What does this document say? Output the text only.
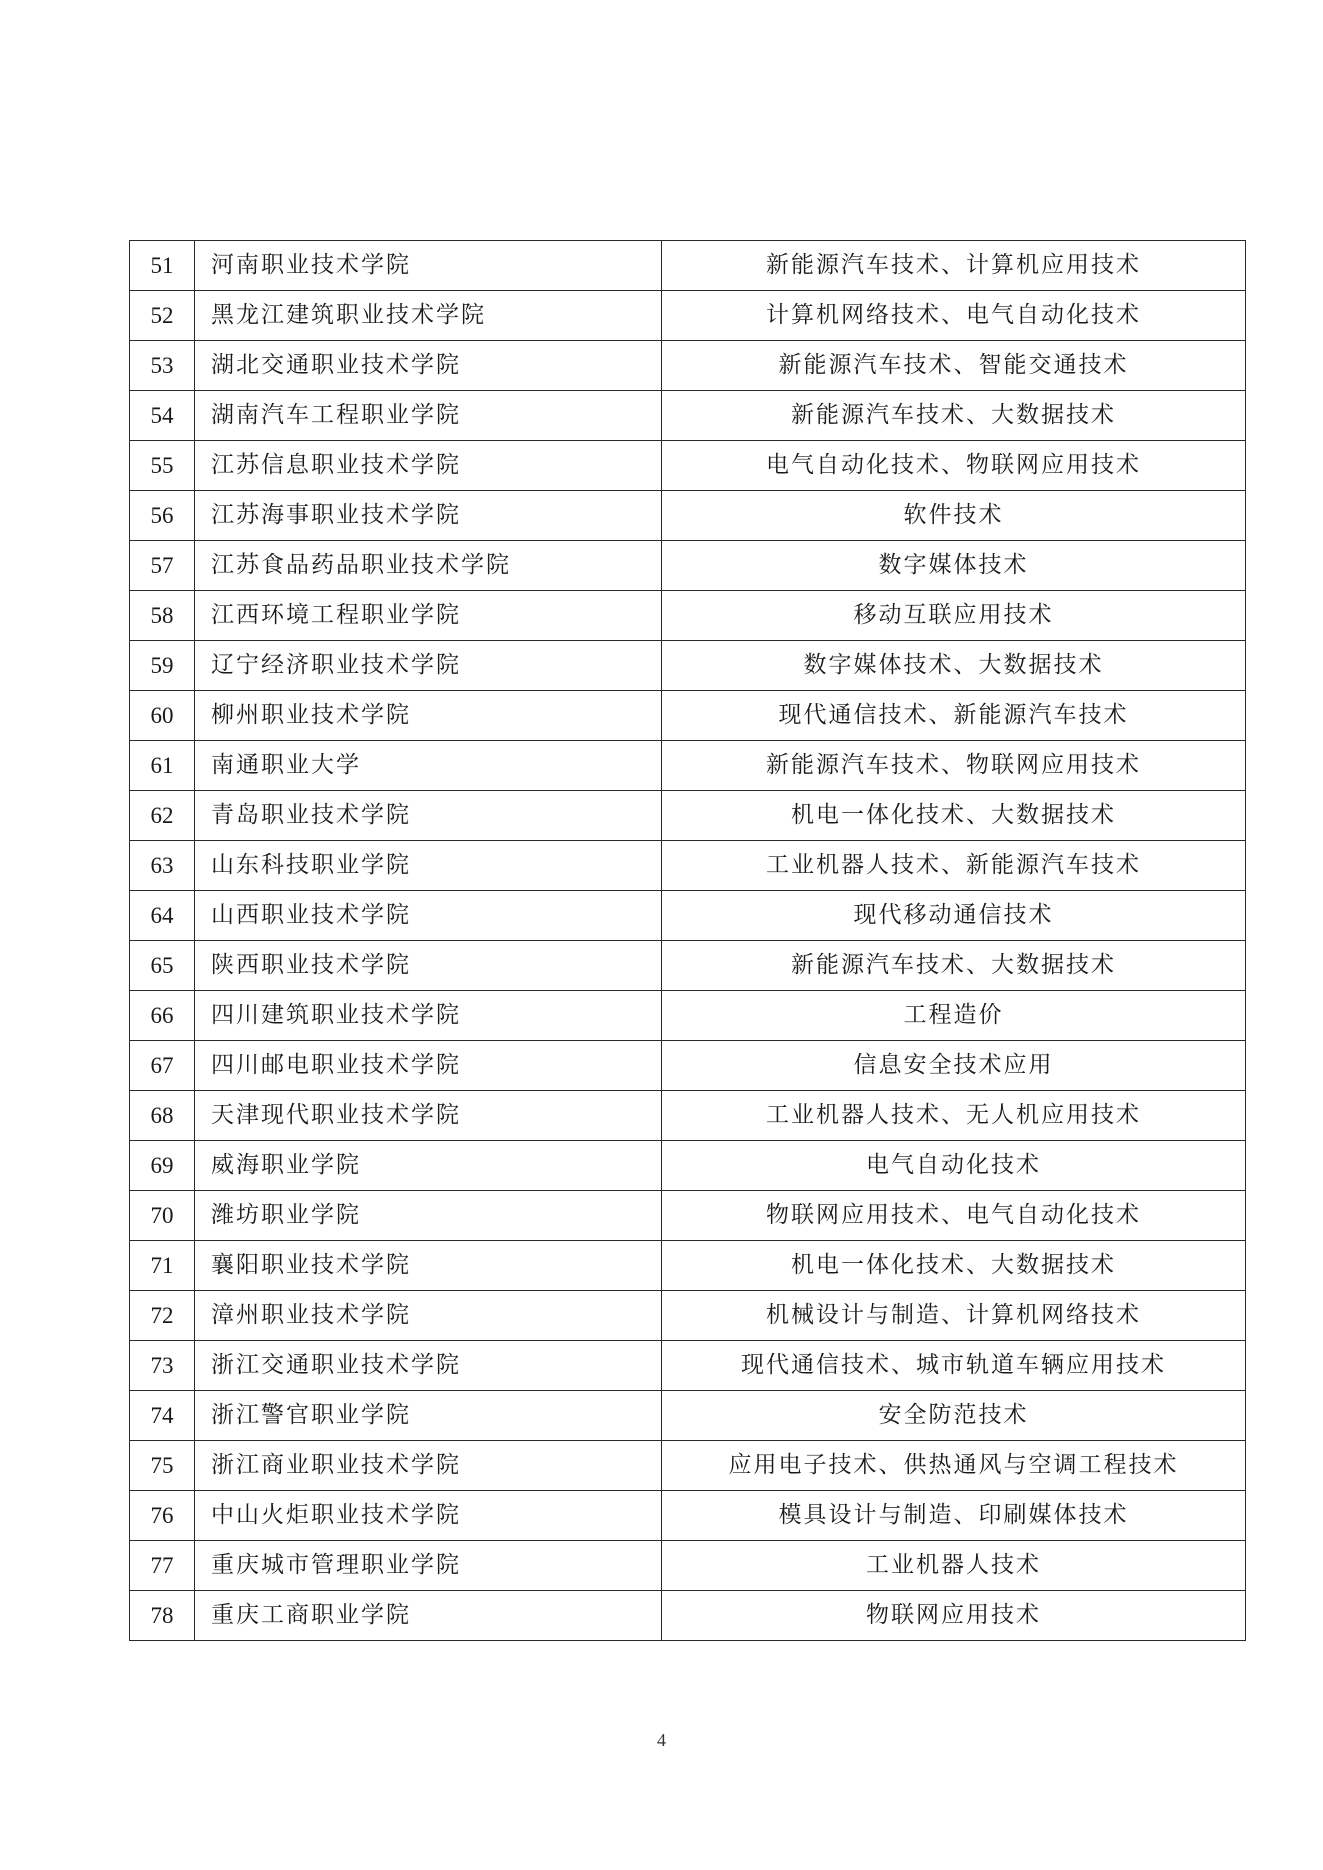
51	河南职业技术学院	新能源汽车技术、计算机应用技术
52	黑龙江建筑职业技术学院	计算机网络技术、电气自动化技术
53	湖北交通职业技术学院	新能源汽车技术、智能交通技术
54	湖南汽车工程职业学院	新能源汽车技术、大数据技术
55	江苏信息职业技术学院	电气自动化技术、物联网应用技术
56	江苏海事职业技术学院	软件技术
57	江苏食品药品职业技术学院	数字媒体技术
58	江西环境工程职业学院	移动互联应用技术
59	辽宁经济职业技术学院	数字媒体技术、大数据技术
60	柳州职业技术学院	现代通信技术、新能源汽车技术
61	南通职业大学	新能源汽车技术、物联网应用技术
62	青岛职业技术学院	机电一体化技术、大数据技术
63	山东科技职业学院	工业机器人技术、新能源汽车技术
64	山西职业技术学院	现代移动通信技术
65	陕西职业技术学院	新能源汽车技术、大数据技术
66	四川建筑职业技术学院	工程造价
67	四川邮电职业技术学院	信息安全技术应用
68	天津现代职业技术学院	工业机器人技术、无人机应用技术
69	威海职业学院	电气自动化技术
70	潍坊职业学院	物联网应用技术、电气自动化技术
71	襄阳职业技术学院	机电一体化技术、大数据技术
72	漳州职业技术学院	机械设计与制造、计算机网络技术
73	浙江交通职业技术学院	现代通信技术、城市轨道车辆应用技术
74	浙江警官职业学院	安全防范技术
75	浙江商业职业技术学院	应用电子技术、供热通风与空调工程技术
76	中山火炬职业技术学院	模具设计与制造、印刷媒体技术
77	重庆城市管理职业学院	工业机器人技术
78	重庆工商职业学院	物联网应用技术
4
